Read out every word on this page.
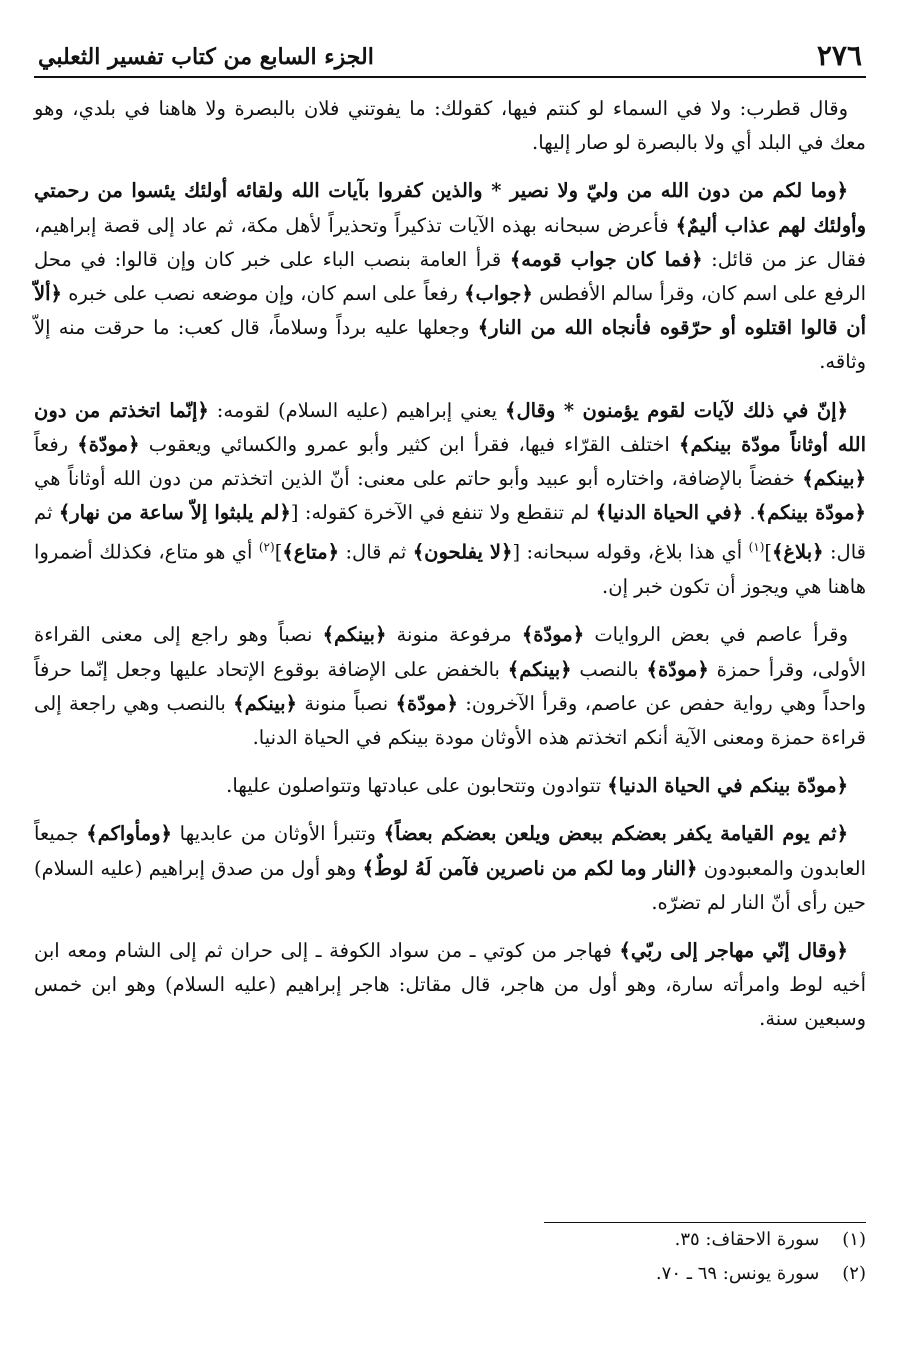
٢٧٦
الجزء السابع من كتاب تفسير الثعلبي

وقال قطرب: ولا في السماء لو كنتم فيها، كقولك: ما يفوتني فلان بالبصرة ولا هاهنا في بلدي، وهو معك في البلد أي ولا بالبصرة لو صار إليها.

﴿وما لكم من دون الله من وليّ ولا نصير * والذين كفروا بآيات الله ولقائه أولئك يئسوا من رحمتي وأولئك لهم عذاب أليمٌ﴾ فأعرض سبحانه بهذه الآيات تذكيراً وتحذيراً لأهل مكة، ثم عاد إلى قصة إبراهيم، فقال عز من قائل: ﴿فما كان جواب قومه﴾ قرأ العامة بنصب الباء على خبر كان وإن قالوا: في محل الرفع على اسم كان، وقرأ سالم الأفطس ﴿جواب﴾ رفعاً على اسم كان، وإن موضعه نصب على خبره ﴿ألاّ أن قالوا اقتلوه أو حرّقوه فأنجاه الله من النار﴾ وجعلها عليه برداً وسلاماً، قال كعب: ما حرقت منه إلاّ وثاقه.

﴿إنّ في ذلك لآيات لقوم يؤمنون * وقال﴾ يعني إبراهيم (عليه السلام) لقومه: ﴿إنّما اتخذتم من دون الله أوثاناً مودّة بينكم﴾ اختلف القرّاء فيها، فقرأ ابن كثير وأبو عمرو والكسائي ويعقوب ﴿مودّة﴾ رفعاً ﴿بينكم﴾ خفضاً بالإضافة، واختاره أبو عبيد وأبو حاتم على معنى: أنّ الذين اتخذتم من دون الله أوثاناً هي ﴿مودّة بينكم﴾. ﴿في الحياة الدنيا﴾ لم تنقطع ولا تنفع في الآخرة كقوله: [﴿لم يلبثوا إلاّ ساعة من نهار﴾ ثم قال: ﴿بلاغ﴾]$^{(١)}$ أي هذا بلاغ، وقوله سبحانه: [﴿لا يفلحون﴾ ثم قال: ﴿متاع﴾]$^{(٢)}$ أي هو متاع، فكذلك أضمروا هاهنا هي ويجوز أن تكون خبر إن.

وقرأ عاصم في بعض الروايات ﴿مودّة﴾ مرفوعة منونة ﴿بينكم﴾ نصباً وهو راجع إلى معنى القراءة الأولى، وقرأ حمزة ﴿مودّة﴾ بالنصب ﴿بينكم﴾ بالخفض على الإضافة بوقوع الإتحاد عليها وجعل إنّما حرفاً واحداً وهي رواية حفص عن عاصم، وقرأ الآخرون: ﴿مودّة﴾ نصباً منونة ﴿بينكم﴾ بالنصب وهي راجعة إلى قراءة حمزة ومعنى الآية أنكم اتخذتم هذه الأوثان مودة بينكم في الحياة الدنيا.

﴿مودّة بينكم في الحياة الدنيا﴾ تتوادون وتتحابون على عبادتها وتتواصلون عليها.

﴿ثم يوم القيامة يكفر بعضكم ببعض ويلعن بعضكم بعضاً﴾ وتتبرأ الأوثان من عابديها ﴿ومأواكم﴾ جميعاً العابدون والمعبودون ﴿النار وما لكم من ناصرين فآمن لَهُ لوطٌ﴾ وهو أول من صدق إبراهيم (عليه السلام) حين رأى أنّ النار لم تضرّه.

﴿وقال إنّي مهاجر إلى ربّي﴾ فهاجر من كوتي ـ من سواد الكوفة ـ إلى حران ثم إلى الشام ومعه ابن أخيه لوط وامرأته سارة، وهو أول من هاجر، قال مقاتل: هاجر إبراهيم (عليه السلام) وهو ابن خمس وسبعين سنة.

(١)    سورة الاحقاف: ٣٥.
(٢)    سورة يونس: ٦٩ ـ ٧٠.
